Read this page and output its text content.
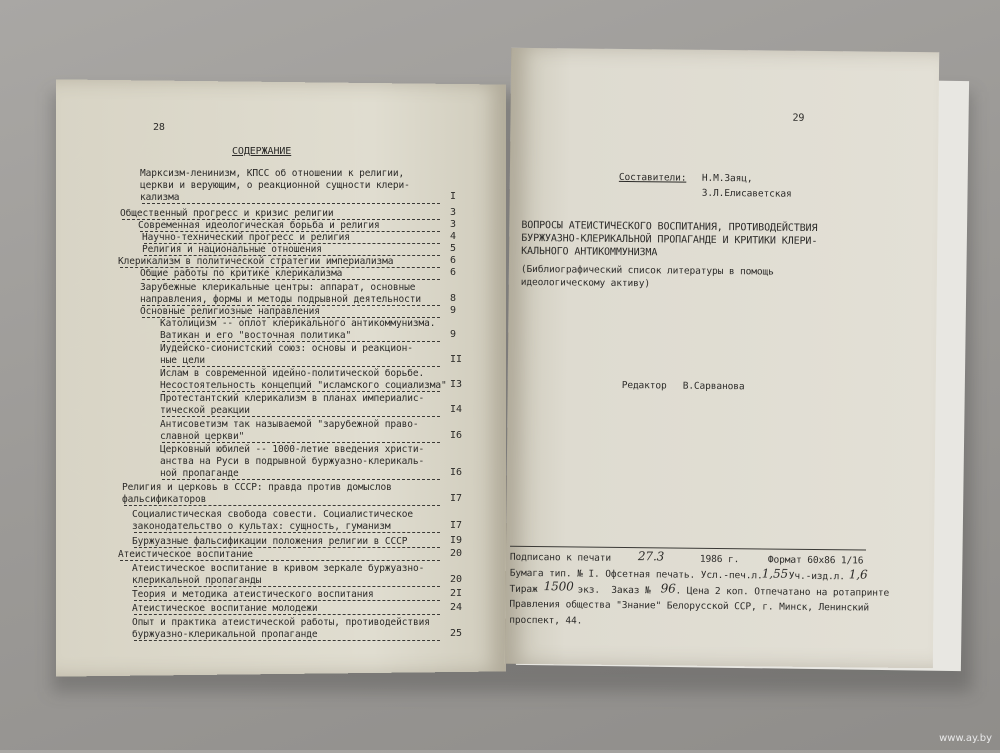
28
СОДЕРЖАНИЕ
Марксизм-ленинизм, КПСС об отношении к религии,
церкви и верующим, о реакционной сущности клери-
кализма	I
Общественный прогресс и кризис религии	3
Современная идеологическая борьба и религия	3
Научно-технический прогресс и религия	4
Религия и национальные отношения	5
Клерикализм в политической стратегии империализма	6
Общие работы по критике клерикализма	6
Зарубежные клерикальные центры: аппарат, основные
направления, формы и методы подрывной деятельности	8
Основные религиозные направления	9
Католицизм -- оплот клерикального антикоммунизма.
Ватикан и его "восточная политика"	9
Иудейско-сионистский союз: основы и реакцион-
ные цели	II
Ислам в современной идейно-политической борьбе.
Несостоятельность концепций "исламского социализма" I3
Протестантский клерикализм в планах империалис-
тической реакции	I4
Антисоветизм так называемой "зарубежной право-
славной церкви"	I6
Церковный юбилей -- 1000-летие введения христи-
анства на Руси в подрывной буржуазно-клерикаль-
ной пропаганде	I6
Религия и церковь в СССР: правда против домыслов
фальсификаторов	I7
Социалистическая свобода совести. Социалистическое
законодательство о культах: сущность, гуманизм	I7
Буржуазные фальсификации положения религии в СССР	I9
Атеистическое воспитание	20
Атеистическое воспитание в кривом зеркале буржуазно-
клерикальной пропаганды	20
Теория и методика атеистического воспитания	2I
Атеистическое воспитание молодежи	24
Опыт и практика атеистической работы, противодействия
буржуазно-клерикальной пропаганде	25
29
Составители: Н.М.Заяц,
З.Л.Елисаветская
ВОПРОСЫ АТЕИСТИЧЕСКОГО ВОСПИТАНИЯ, ПРОТИВОДЕЙСТВИЯ
БУРЖУАЗНО-КЛЕРИКАЛЬНОЙ ПРОПАГАНДЕ И КРИТИКИ КЛЕРИ-
КАЛЬНОГО АНТИКОММУНИЗМА
(Библиографический список литературы в помощь
идеологическому активу)
Редактор В.Сарванова
Подписано к печати 27.3	1986 г.	Формат 60х86 1/16
Бумага тип. № I. Офсетная печать. Усл.-печ.л. 1,55 Уч.-изд.л. 1,6
Тираж 1500 экз.  Заказ № 96 . Цена 2 коп. Отпечатано на ротапринте
Правления общества "Знание" Белорусской ССР, г. Минск, Ленинский
проспект, 44.
www.ay.by
